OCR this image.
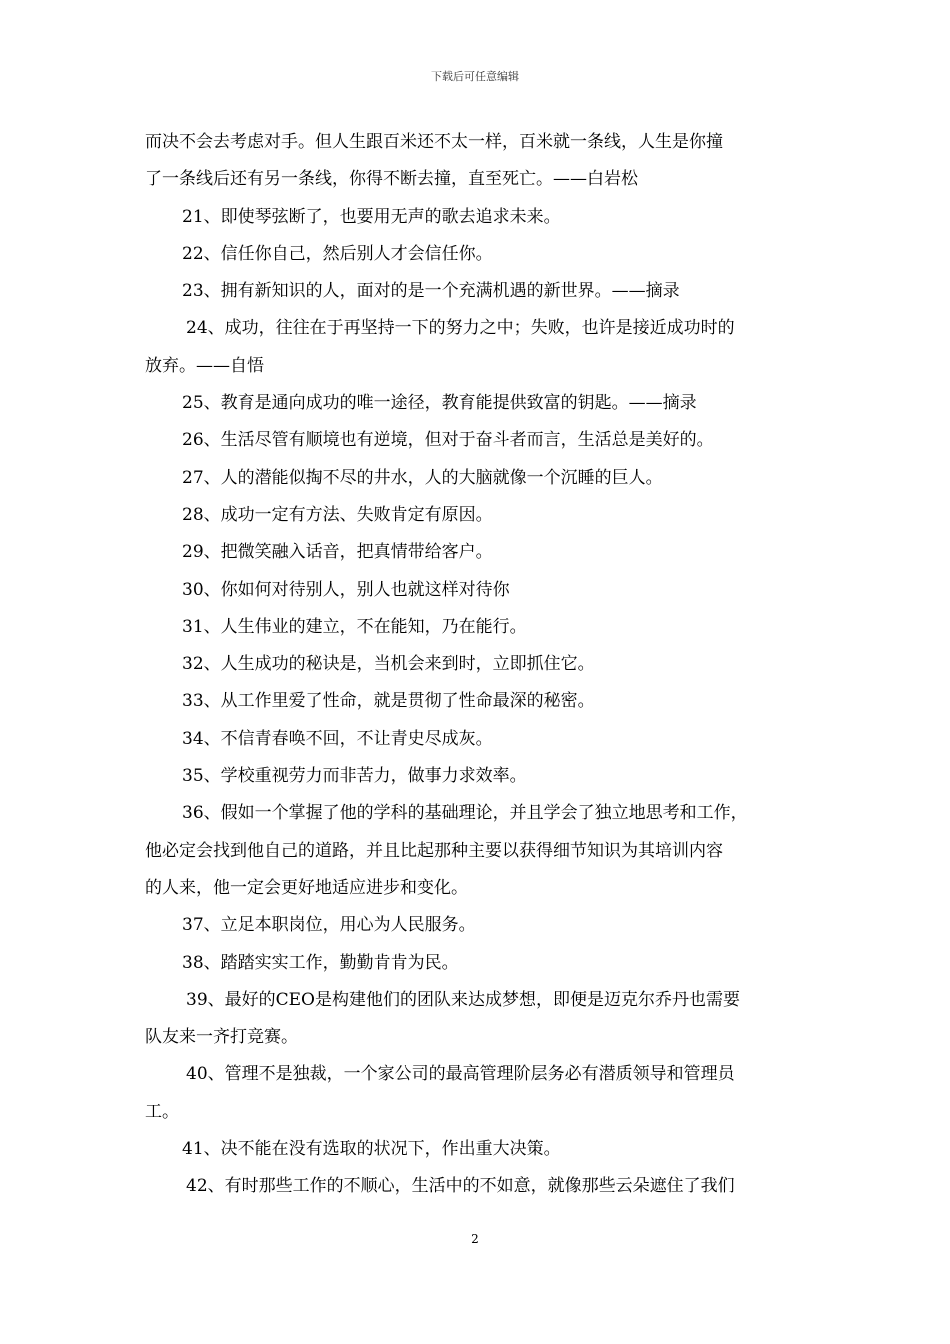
下载后可任意编辑
而决不会去考虑对手。但人生跟百米还不太一样，百米就一条线，人生是你撞
了一条线后还有另一条线，你得不断去撞，直至死亡。——白岩松
21、即使琴弦断了，也要用无声的歌去追求未来。
22、信任你自己，然后别人才会信任你。
23、拥有新知识的人，面对的是一个充满机遇的新世界。——摘录
24、成功，往往在于再坚持一下的努力之中；失败，也许是接近成功时的
放弃。——自悟
25、教育是通向成功的唯一途径，教育能提供致富的钥匙。——摘录
26、生活尽管有顺境也有逆境，但对于奋斗者而言，生活总是美好的。
27、人的潜能似掏不尽的井水，人的大脑就像一个沉睡的巨人。
28、成功一定有方法、失败肯定有原因。
29、把微笑融入话音，把真情带给客户。
30、你如何对待别人，别人也就这样对待你
31、人生伟业的建立，不在能知，乃在能行。
32、人生成功的秘诀是，当机会来到时，立即抓住它。
33、从工作里爱了性命，就是贯彻了性命最深的秘密。
34、不信青春唤不回，不让青史尽成灰。
35、学校重视劳力而非苦力，做事力求效率。
36、假如一个掌握了他的学科的基础理论，并且学会了独立地思考和工作，
他必定会找到他自己的道路，并且比起那种主要以获得细节知识为其培训内容
的人来，他一定会更好地适应进步和变化。
37、立足本职岗位，用心为人民服务。
38、踏踏实实工作，勤勤肯肯为民。
39、最好的CEO是构建他们的团队来达成梦想，即便是迈克尔乔丹也需要
队友来一齐打竞赛。
40、管理不是独裁，一个家公司的最高管理阶层务必有潜质领导和管理员
工。
41、决不能在没有选取的状况下，作出重大决策。
42、有时那些工作的不顺心，生活中的不如意，就像那些云朵遮住了我们
2
